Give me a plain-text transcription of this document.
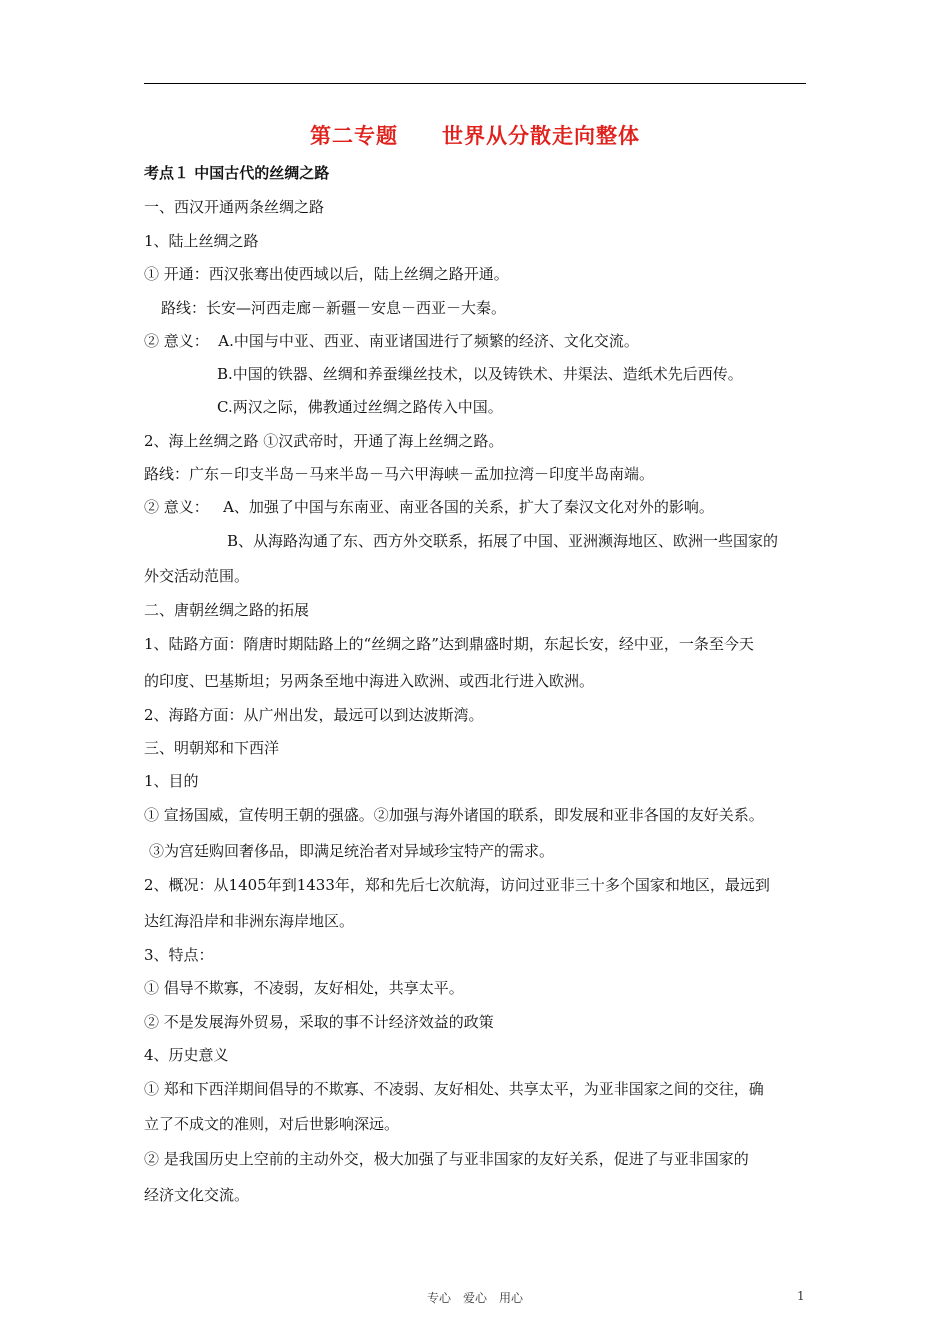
第二专题　　世界从分散走向整体
考点１ 中国古代的丝绸之路
一、西汉开通两条丝绸之路
1、陆上丝绸之路
① 开通：西汉张骞出使西域以后，陆上丝绸之路开通。
路线：长安—河西走廊－新疆－安息－西亚－大秦。
② 意义：  A.中国与中亚、西亚、南亚诸国进行了频繁的经济、文化交流。
B.中国的铁器、丝绸和养蚕缫丝技术，以及铸铁术、井渠法、造纸术先后西传。
C.两汉之际，佛教通过丝绸之路传入中国。
2、海上丝绸之路 ①汉武帝时，开通了海上丝绸之路。
路线：广东－印支半岛－马来半岛－马六甲海峡－孟加拉湾－印度半岛南端。
② 意义：   A、加强了中国与东南亚、南亚各国的关系，扩大了秦汉文化对外的影响。
B、从海路沟通了东、西方外交联系，拓展了中国、亚洲濒海地区、欧洲一些国家的
外交活动范围。
二、唐朝丝绸之路的拓展
1、陆路方面：隋唐时期陆路上的“丝绸之路”达到鼎盛时期，东起长安，经中亚，一条至今天
的印度、巴基斯坦；另两条至地中海进入欧洲、或西北行进入欧洲。
2、海路方面：从广州出发，最远可以到达波斯湾。
三、明朝郑和下西洋
1、目的
① 宣扬国威，宣传明王朝的强盛。②加强与海外诸国的联系，即发展和亚非各国的友好关系。
③为宫廷购回奢侈品，即满足统治者对异域珍宝特产的需求。
2、概况：从1405年到1433年，郑和先后七次航海，访问过亚非三十多个国家和地区，最远到
达红海沿岸和非洲东海岸地区。
3、特点：
① 倡导不欺寡，不凌弱，友好相处，共享太平。
② 不是发展海外贸易，采取的事不计经济效益的政策
4、历史意义
① 郑和下西洋期间倡导的不欺寡、不凌弱、友好相处、共享太平，为亚非国家之间的交往，确
立了不成文的准则，对后世影响深远。
② 是我国历史上空前的主动外交，极大加强了与亚非国家的友好关系，促进了与亚非国家的
经济文化交流。
专心　爱心　用心	1
